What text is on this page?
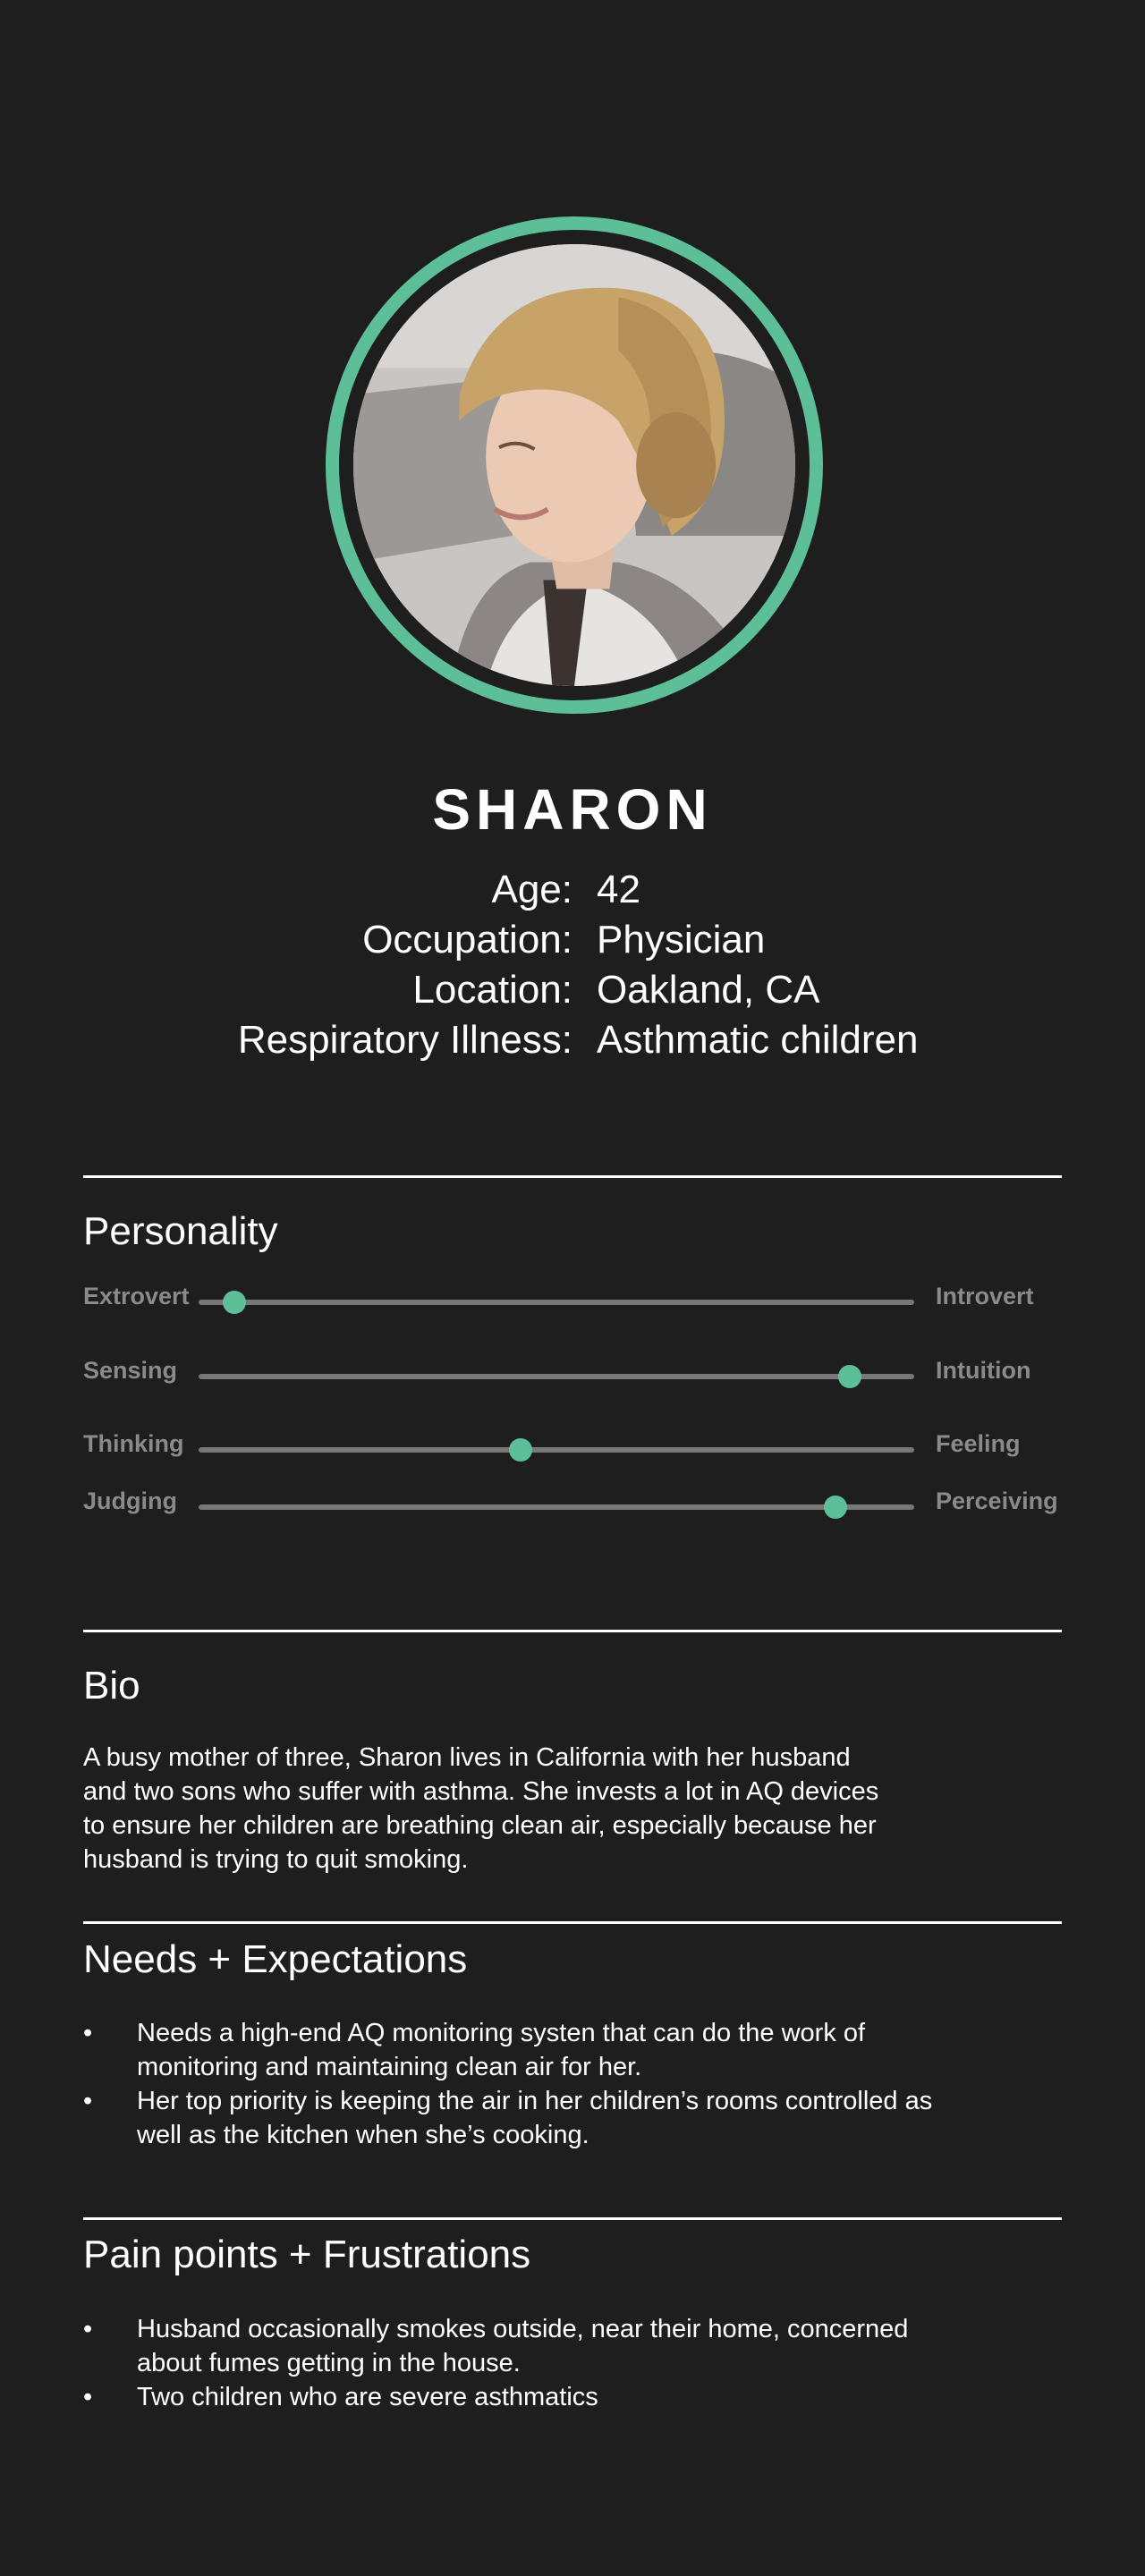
SHARON
Age: 42
Occupation: Physician
Location: Oakland, CA
Respiratory Illness: Asthmatic children
Personality
Extrovert	Introvert
Sensing	Intuition
Thinking	Feeling
Judging	Perceiving
Bio
A busy mother of three, Sharon lives in California with her husband and two sons who suffer with asthma. She invests a lot in AQ devices to ensure her children are breathing clean air, especially because her husband is trying to quit smoking.
Needs + Expectations
• Needs a high-end AQ monitoring systen that can do the work of monitoring and maintaining clean air for her.
• Her top priority is keeping the air in her children’s rooms controlled as well as the kitchen when she’s cooking.
Pain points + Frustrations
• Husband occasionally smokes outside, near their home, concerned about fumes getting in the house.
• Two children who are severe asthmatics
